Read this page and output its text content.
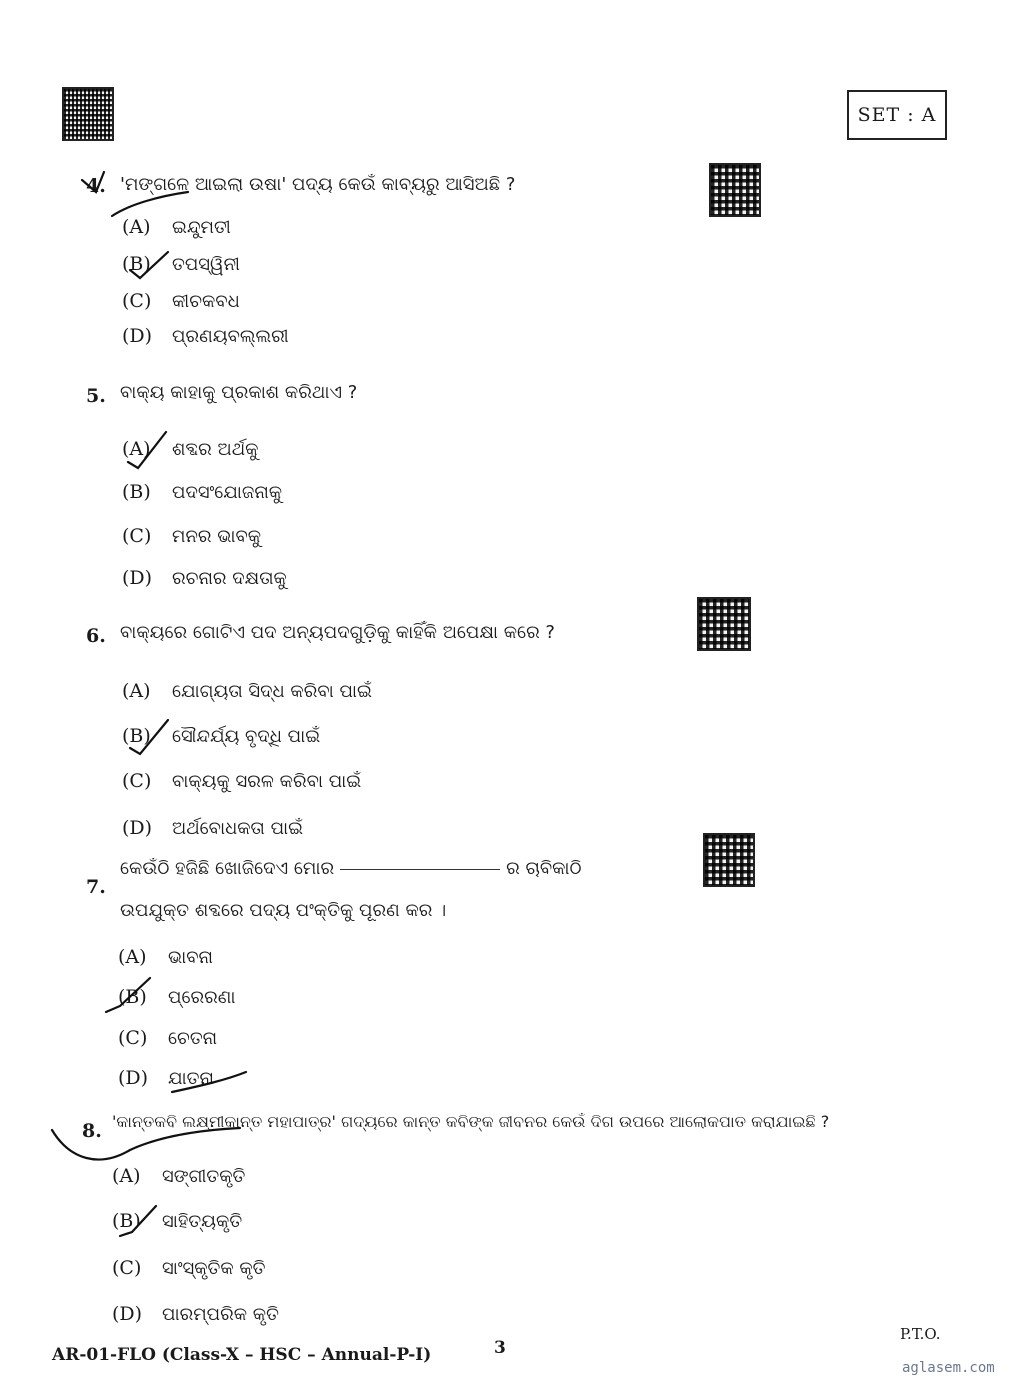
SET : A
4. 'ମଙ୍ଗଳେ ଆଇଲା ଉଷା' ପଦ୍ୟ କେଉଁ କାବ୍ୟରୁ ଆସିଅଛି ?
(A) ଇନ୍ଦୁମତୀ
(B) ତପସ୍ୱିନୀ
(C) କୀଚକବଧ
(D) ପ୍ରଣୟବଲ୍ଲରୀ
5. ବାକ୍ୟ କାହାକୁ ପ୍ରକାଶ କରିଥାଏ ?
(A) ଶବ୍ଦର ଅର୍ଥକୁ
(B) ପଦସଂଯୋଜନାକୁ
(C) ମନର ଭାବକୁ
(D) ରଚନାର ଦକ୍ଷତାକୁ
6. ବାକ୍ୟରେ ଗୋଟିଏ ପଦ ଅନ୍ୟପଦଗୁଡ଼ିକୁ କାହିଁକି ଅପେକ୍ଷା କରେ ?
(A) ଯୋଗ୍ୟତା ସିଦ୍ଧ କରିବା ପାଇଁ
(B) ସୌନ୍ଦର୍ଯ୍ୟ ବୃଦ୍ଧି ପାଇଁ
(C) ବାକ୍ୟକୁ ସରଳ କରିବା ପାଇଁ
(D) ଅର୍ଥବୋଧକତା ପାଇଁ
7.
କେଉଁଠି ହଜିଛି ଖୋଜିଦେଏ ମୋର	ର ଚାବିକାଠି
ଉପଯୁକ୍ତ ଶବ୍ଦରେ ପଦ୍ୟ ପଂକ୍ତିକୁ ପୂରଣ କର ।
(A) ଭାବନା
(B) ପ୍ରେରଣା
(C) ଚେତନା
(D) ଯାତନା
8. 'କାନ୍ତକବି ଲକ୍ଷ୍ମୀକାନ୍ତ ମହାପାତ୍ର' ଗଦ୍ୟରେ କାନ୍ତ କବିଙ୍କ ଜୀବନର କେଉଁ ଦିଗ ଉପରେ ଆଲୋକପାତ କରାଯାଇଛି ?
(A) ସଙ୍ଗୀତକୃତି
(B) ସାହିତ୍ୟକୃତି
(C) ସାଂସ୍କୃତିକ କୃତି
(D) ପାରମ୍ପରିକ କୃତି
AR-01-FLO (Class-X – HSC – Annual-P-I)	3
P.T.O.
aglasem.com
